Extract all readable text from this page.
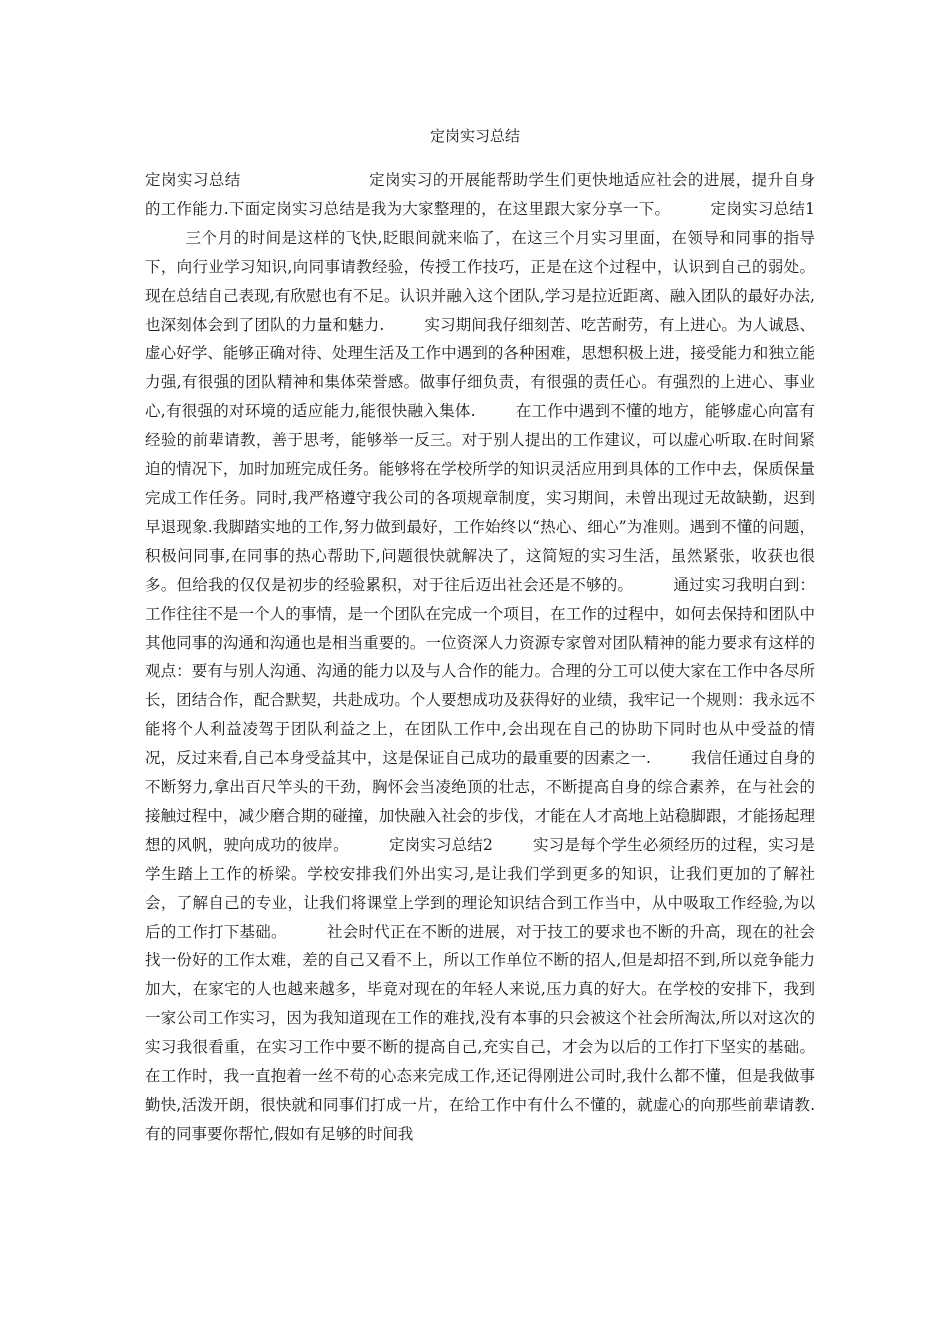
定岗实习总结

定岗实习总结	定岗实习的开展能帮助学生们更快地适应社会的进展，提升自身的工作能力.下面定岗实习总结是我为大家整理的，在这里跟大家分享一下。	定岗实习总结1三个月的时间是这样的飞快,眨眼间就来临了，在这三个月实习里面，在领导和同事的指导下，向行业学习知识,向同事请教经验，传授工作技巧，正是在这个过程中，认识到自己的弱处。现在总结自己表现,有欣慰也有不足。认识并融入这个团队,学习是拉近距离、融入团队的最好办法,也深刻体会到了团队的力量和魅力.	实习期间我仔细刻苦、吃苦耐劳，有上进心。为人诚恳、虚心好学、能够正确对待、处理生活及工作中遇到的各种困难，思想积极上进，接受能力和独立能力强,有很强的团队精神和集体荣誉感。做事仔细负责，有很强的责任心。有强烈的上进心、事业心,有很强的对环境的适应能力,能很快融入集体.	在工作中遇到不懂的地方，能够虚心向富有经验的前辈请教，善于思考，能够举一反三。对于别人提出的工作建议，可以虚心听取.在时间紧迫的情况下，加时加班完成任务。能够将在学校所学的知识灵活应用到具体的工作中去，保质保量完成工作任务。同时,我严格遵守我公司的各项规章制度，实习期间，未曾出现过无故缺勤，迟到早退现象.我脚踏实地的工作,努力做到最好，工作始终以“热心、细心”为准则。遇到不懂的问题，积极问同事,在同事的热心帮助下,问题很快就解决了，这简短的实习生活，虽然紧张，收获也很多。但给我的仅仅是初步的经验累积，对于往后迈出社会还是不够的。	通过实习我明白到：工作往往不是一个人的事情，是一个团队在完成一个项目，在工作的过程中，如何去保持和团队中其他同事的沟通和沟通也是相当重要的。一位资深人力资源专家曾对团队精神的能力要求有这样的观点：要有与别人沟通、沟通的能力以及与人合作的能力。合理的分工可以使大家在工作中各尽所长，团结合作，配合默契，共赴成功。个人要想成功及获得好的业绩，我牢记一个规则：我永远不能将个人利益凌驾于团队利益之上，在团队工作中,会出现在自己的协助下同时也从中受益的情况，反过来看,自己本身受益其中，这是保证自己成功的最重要的因素之一.	我信任通过自身的不断努力,拿出百尺竿头的干劲，胸怀会当凌绝顶的壮志，不断提高自身的综合素养，在与社会的接触过程中，减少磨合期的碰撞，加快融入社会的步伐，才能在人才高地上站稳脚跟，才能扬起理想的风帆，驶向成功的彼岸。	定岗实习总结2	实习是每个学生必须经历的过程，实习是学生踏上工作的桥梁。学校安排我们外出实习,是让我们学到更多的知识，让我们更加的了解社会，了解自己的专业，让我们将课堂上学到的理论知识结合到工作当中，从中吸取工作经验,为以后的工作打下基础。	社会时代正在不断的进展，对于技工的要求也不断的升高，现在的社会找一份好的工作太难，差的自己又看不上，所以工作单位不断的招人,但是却招不到,所以竞争能力加大，在家宅的人也越来越多，毕竟对现在的年轻人来说,压力真的好大。在学校的安排下，我到一家公司工作实习，因为我知道现在工作的难找,没有本事的只会被这个社会所淘汰,所以对这次的实习我很看重，在实习工作中要不断的提高自己,充实自己，才会为以后的工作打下坚实的基础。在工作时，我一直抱着一丝不苟的心态来完成工作,还记得刚进公司时,我什么都不懂，但是我做事勤快,活泼开朗，很快就和同事们打成一片，在给工作中有什么不懂的，就虚心的向那些前辈请教.有的同事要你帮忙,假如有足够的时间我
